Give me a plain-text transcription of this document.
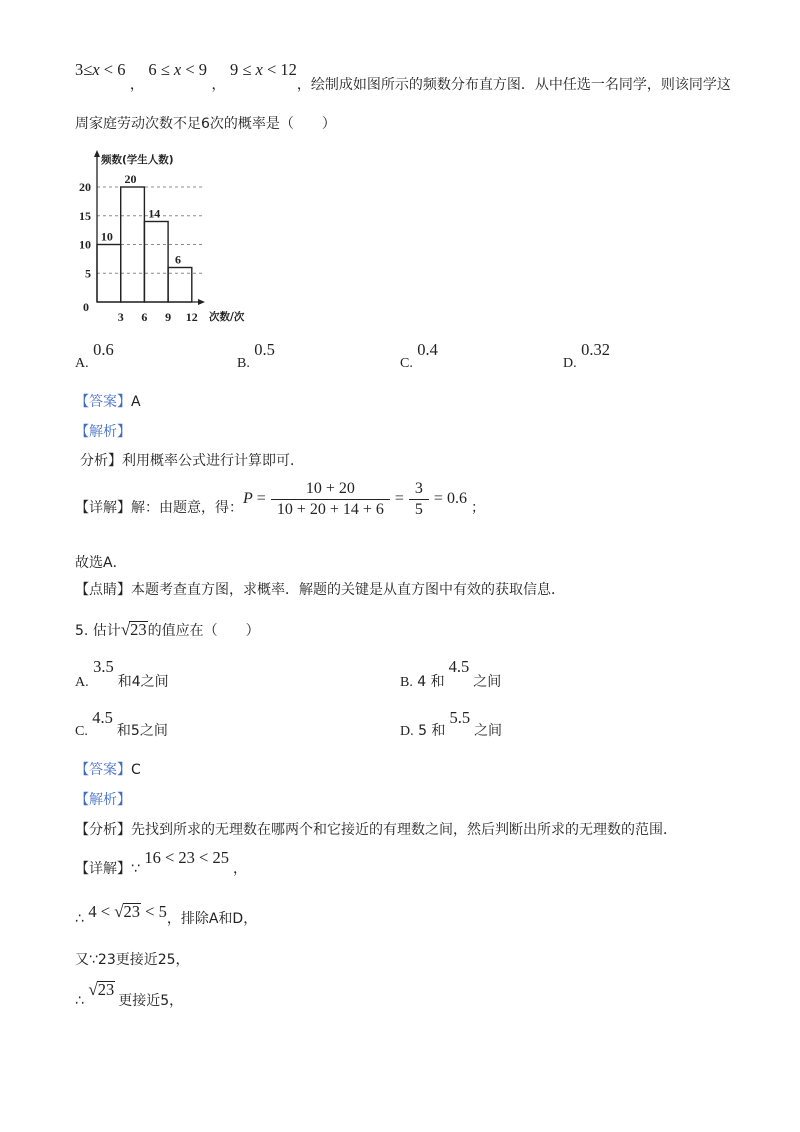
3≤x < 6 ， 6 ≤ x < 9 ， 9 ≤ x < 12，绘制成如图所示的频数分布直方图．从中任选一名同学，则该同学这
周家庭劳动次数不足6次的概率是（　　）
10
20
14
6
5
10
15
20
0
3 6 9 12 次数/次
频数(学生人数)
A. 0.6
B. 0.5
C. 0.4
D. 0.32
【答案】A
【解析】
分析】利用概率公式进行计算即可．
【详解】解：由题意，得：
$P = \frac{10 + 20}{10 + 20 + 14 + 6} = \frac{3}{5} = 0.6$ ；
故选A．
【点睛】本题考查直方图，求概率．解题的关键是从直方图中有效的获取信息．
5. 估计√23的值应在（　　）
A. 3.5和4之间	B. 4 和4.5之间
C. 4.5和5之间	D. 5 和5.5之间
【答案】C
【解析】
【分析】先找到所求的无理数在哪两个和它接近的有理数之间，然后判断出所求的无理数的范围．
【详解】∵ 16 < 23 < 25，
∴ 4 < √23 < 5，排除A和D，
又∵23更接近25，
∴ √23更接近5，
